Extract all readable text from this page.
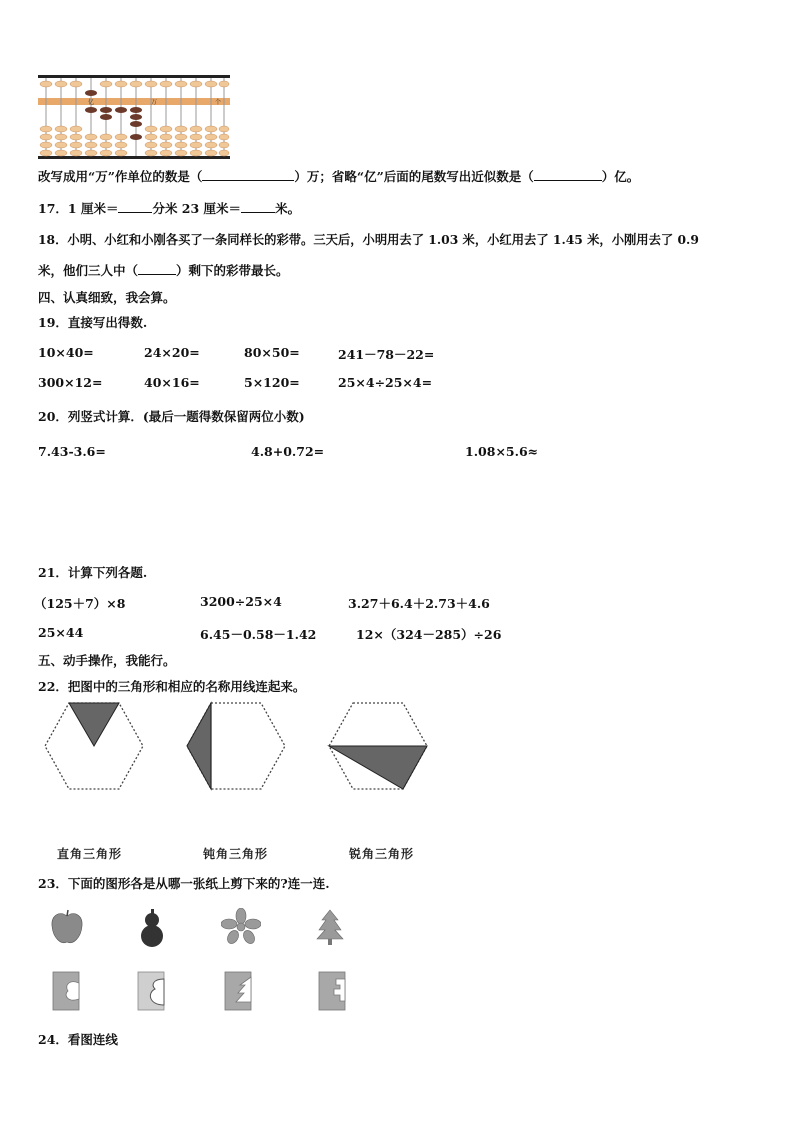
亿	万	个
改写成用“万”作单位的数是（	）万；省略“亿”后面的尾数写出近似数是（	）亿。
17．1 厘米＝	分米 23 厘米＝	米。
18．小明、小红和小刚各买了一条同样长的彩带。三天后，小明用去了 1.03 米，小红用去了 1.45 米，小刚用去了 0.9
米，他们三人中（	）剩下的彩带最长。
四、认真细致，我会算。
19．直接写出得数.
10×40=	24×20=	80×50=	241－78－22=
300×12=	40×16=	5×120=	25×4÷25×4=
20．列竖式计算．(最后一题得数保留两位小数)
7.43-3.6=	4.8+0.72=	1.08×5.6≈
21．计算下列各题.
（125＋7）×8	3200÷25×4	3.27＋6.4＋2.73＋4.6
25×44	6.45－0.58－1.42	12×（324－285）÷26
五、动手操作，我能行。
22．把图中的三角形和相应的名称用线连起来。
直角三角形	钝角三角形	锐角三角形
23．下面的图形各是从哪一张纸上剪下来的?连一连.
24．看图连线
